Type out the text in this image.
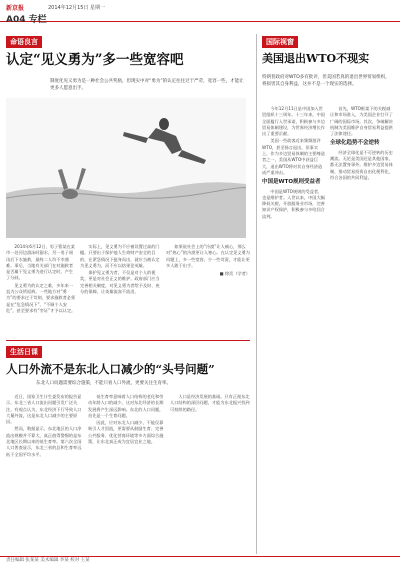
新京报	2014年12月15日 星期一
A04 专栏
命语良言
认定“见义勇为”多一些宽容吧
制度化见义勇为是一种社会公共奖励，但现实中对“勇为”的认定往往过于严苛，宽容一些，才能让更多人愿意出手。

2014年6月12日，男子曹某在某市一处河边游泳时溺水，另一男子闻讯后下水施救，最终二人均不幸遇难。事后，当地有关部门在对施救者是否属于见义勇为进行认定时，产生了分歧。

见义勇为的认定之难，多年来一直为公众所诟病。一些地方对“勇为”的要求过于苛刻，要求施救者必须是在“危急情况下”、“不顾个人安危”，甚至要求有“旁证”才予以认定。

实际上，见义勇为不应被设置过高的门槛。只要出于保护他人生命财产安全的目的，在紧急情况下挺身而出，就应当被认定为见义勇为，而不应以结果论英雄。

保护见义勇为者，不仅是对个人的褒奖，更是对社会正义的维护。政府部门应当完善相关制度，对见义勇为者给予及时、充分的保障，让英雄流血不流泪。

如果说社会上的“冷漠”让人痛心，那么对“热心”的冷漠更让人寒心。在认定见义勇为问题上，多一些宽容，少一些苛责，才能让更多人敢于出手。

■ 徐贲（学者）
国际视窗
美国退出WTO不现实
特朗普政府对WTO多有批评，但美国若真的退出世界贸易组织，将损害其自身利益，这并不是一个现实的选择。

今年12月11日是中国加入世贸组织十三周年。十三年来，中国全面履行入世承诺，积极参与多边贸易体制建设，为世界经济增长作出了重要贡献。

美国一些政客近来频频批评WTO，甚至扬言退出。但事实上，作为多边贸易体制的主要缔造者之一，美国从WTO中获益巨大，退出WTO将对其自身经济造成严重冲击。

中国是WTO规则受益者

中国是WTO规则的受益者，也是维护者。入世以来，中国大幅降低关税，开放服务业市场，完善知识产权保护，积极参与多哈回合谈判。

首先，WTO框架下的关税减让和市场准入，为美国企业打开了广阔的国际市场。其次，争端解决机制为美国维护自身贸易利益提供了法律途径。

全球化趋势不会逆转

经济全球化是不可逆转的历史潮流。无论是美国还是其他国家，都无法置身事外。维护多边贸易体制，推动贸易投资自由化便利化，符合各国的共同利益。

生活日课
人口外流不是东北人口减少的“头号问题”
东北人口问题需要综合施策，不能只看人口外流，更要关注生育率。

近日，国家卫生计生委发布的报告显示，东北三省人口流出问题引发广泛关注。有观点认为，东北经济下行导致人口大量外流，这是东北人口减少的主要原因。

然而，数据显示，东北地区的人口净流出规模并不算大，真正值得警惕的是东北地区长期以来的低生育率。第六次全国人口普查显示，东北三省的总和生育率远低于全国平均水平。

低生育率意味着人口结构的老化和劳动年龄人口的减少，这对东北经济的长期发展将产生深远影响。东北的人口问题，首先是一个生育问题。

因此，应对东北人口减少，不能仅靠吸引人才回流，更需要从鼓励生育、完善公共服务、优化营商环境等多方面综合施策，让东北真正成为宜居宜业之地。

人口是经济发展的基础。只有正视东北人口结构的深层问题，才能为东北振兴找到可持续的路径。

责任编辑 张某某 美术编辑 李某 校对 王某
